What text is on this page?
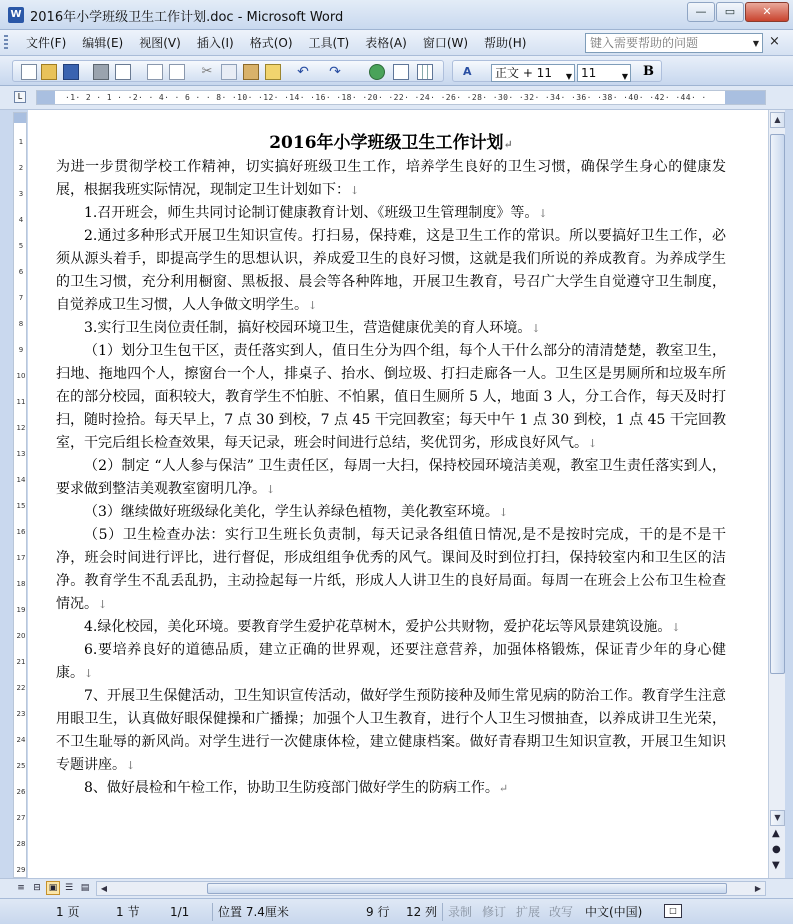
W 2016年小学班级卫生工作计划.doc - Microsoft Word	—	▭	✕
文件(F)	编辑(E)	视图(V)	插入(I)	格式(O)	工具(T)	表格(A)	窗口(W)	帮助(H)	键入需要帮助的问题	▼ ×
✂	↶ ↷	A	正文 + 11 ▼ 11	▼ B
L	·1· 2 · 1 · ·2· · 4· · 6 · · 8· ·10· ·12· ·14· ·16· ·18· ·20· ·22· ·24· ·26· ·28· ·30· ·32· ·34· ·36· ·38· ·40· ·42· ·44· ·
1
2
3
4
5
6
7
8
9
10
11
12
13
14
15
16
17
18
19
20
21
22
23
24
25
26
27
28
29
2016年小学班级卫生工作计划↵
为进一步贯彻学校工作精神，切实搞好班级卫生工作，培养学生良好的卫生习惯，确保学生身心的健康发展，根据我班实际情况，现制定卫生计划如下：↓
1.召开班会，师生共同讨论制订健康教育计划、《班级卫生管理制度》等。↓
2.通过多种形式开展卫生知识宣传。打扫易，保持难，这是卫生工作的常识。所以要搞好卫生工作，必须从源头着手，即提高学生的思想认识，养成爱卫生的良好习惯，这就是我们所说的养成教育。为养成学生的卫生习惯，充分利用橱窗、黑板报、晨会等各种阵地，开展卫生教育，号召广大学生自觉遵守卫生制度，自觉养成卫生习惯，人人争做文明学生。↓
3.实行卫生岗位责任制，搞好校园环境卫生，营造健康优美的育人环境。↓
（1）划分卫生包干区，责任落实到人，值日生分为四个组，每个人干什么部分的清清楚楚，教室卫生，扫地、拖地四个人，擦窗台一个人，排桌子、抬水、倒垃圾、打扫走廊各一人。卫生区是男厕所和垃圾车所在的部分校园，面积较大，教育学生不怕脏、不怕累，值日生厕所 5 人，地面 3 人，分工合作，每天及时打扫，随时捡拾。每天早上，7 点 30 到校，7 点 45 干完回教室；每天中午 1 点 30 到校，1 点 45 干完回教室，干完后组长检查效果，每天记录，班会时间进行总结，奖优罚劣，形成良好风气。↓
（2）制定 “人人参与保洁” 卫生责任区，每周一大扫，保持校园环境洁美观，教室卫生责任落实到人，要求做到整洁美观教室窗明几净。↓
（3）继续做好班级绿化美化，学生认养绿色植物，美化教室环境。↓
（5）卫生检查办法：实行卫生班长负责制，每天记录各组值日情况,是不是按时完成，干的是不是干净，班会时间进行评比，进行督促，形成组组争优秀的风气。课间及时到位打扫，保持较室内和卫生区的洁净。教育学生不乱丢乱扔，主动捡起每一片纸，形成人人讲卫生的良好局面。每周一在班会上公布卫生检查情况。↓
4.绿化校园，美化环境。要教育学生爱护花草树木，爱护公共财物，爱护花坛等风景建筑设施。↓
6.要培养良好的道德品质，建立正确的世界观，还要注意营养，加强体格锻炼，保证青少年的身心健康。↓
7、开展卫生保健活动，卫生知识宣传活动，做好学生预防接种及师生常见病的防治工作。教育学生注意用眼卫生，认真做好眼保健操和广播操；加强个人卫生教育，进行个人卫生习惯抽查，以养成讲卫生光荣，不卫生耻辱的新风尚。对学生进行一次健康体检，建立健康档案。做好青春期卫生知识宣教，开展卫生知识专题讲座。↓
8、做好晨检和午检工作，协助卫生防疫部门做好学生的防病工作。↵
▲
▼
▲
●
▼
≡ ⊟ ▣ ☰ ▤	◀	▶
1 页	1 节	1/1 位置 7.4厘米	9 行 12 列 录制 修订 扩展 改写 中文(中国)	□
